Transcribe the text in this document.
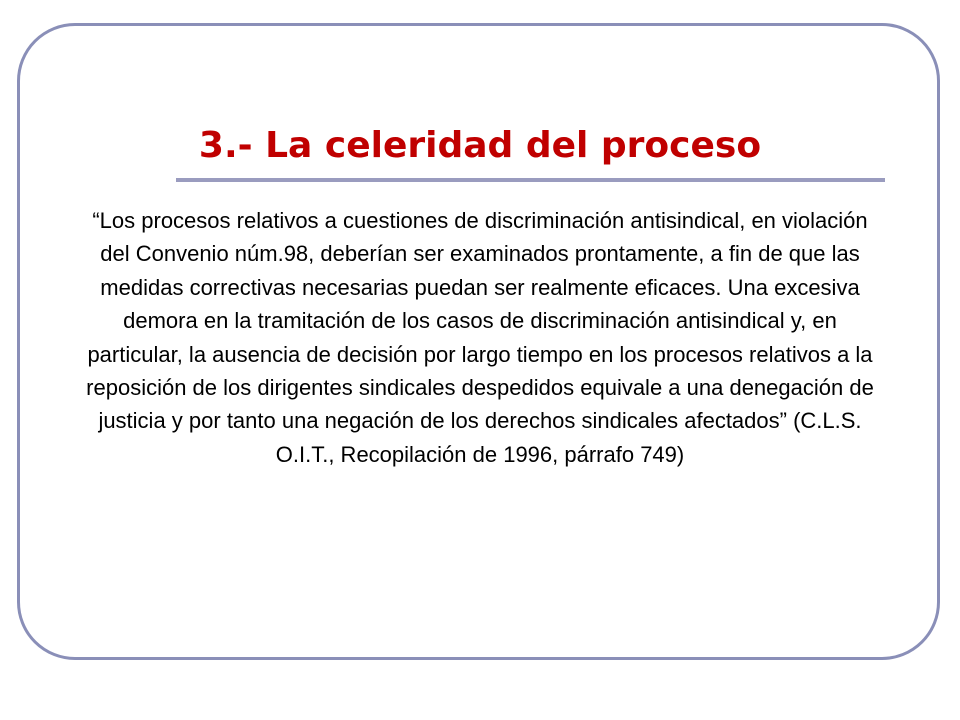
3.- La celeridad del proceso

“Los procesos relativos a cuestiones de discriminación antisindical, en violación del Convenio núm.98, deberían ser examinados prontamente, a fin de que las medidas correctivas necesarias puedan ser realmente eficaces. Una excesiva demora en la tramitación de los casos de discriminación antisindical y, en particular, la ausencia de decisión por largo tiempo en los procesos relativos a la reposición de los dirigentes sindicales despedidos equivale a una denegación de justicia y por tanto una negación de los derechos sindicales afectados” (C.L.S. O.I.T., Recopilación de 1996, párrafo 749)
